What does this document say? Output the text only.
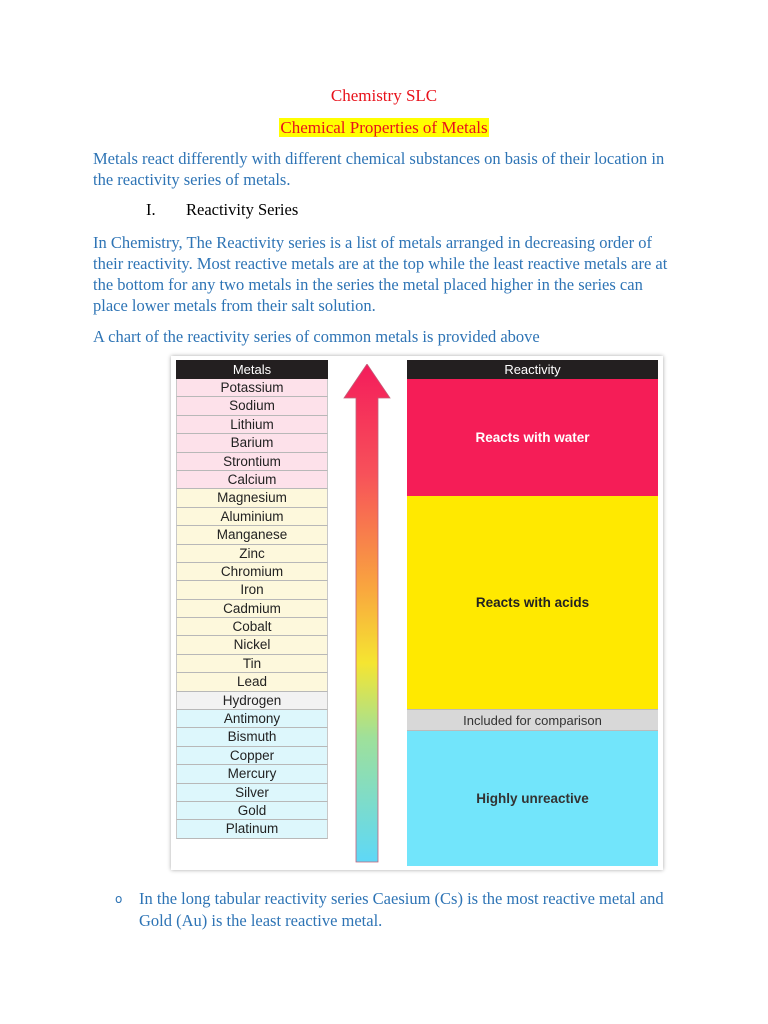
Chemistry SLC
Chemical Properties of Metals
Metals react differently with different chemical substances on basis of their location in the reactivity series of metals.
I. Reactivity Series
In Chemistry, The Reactivity series is a list of metals arranged in decreasing order of their reactivity. Most reactive metals are at the top while the least reactive metals are at the bottom for any two metals in the series the metal placed higher in the series can place lower metals from their salt solution.
A chart of the reactivity series of common metals is provided above
Metals
Potassium
Sodium
Lithium
Barium
Strontium
Calcium
Magnesium
Aluminium
Manganese
Zinc
Chromium
Iron
Cadmium
Cobalt
Nickel
Tin
Lead
Hydrogen
Antimony
Bismuth
Copper
Mercury
Silver
Gold
Platinum
Reactivity
Reacts with water
Reacts with acids
Included for comparison
Highly unreactive
o In the long tabular reactivity series Caesium (Cs) is the most reactive metal and Gold (Au) is the least reactive metal.
